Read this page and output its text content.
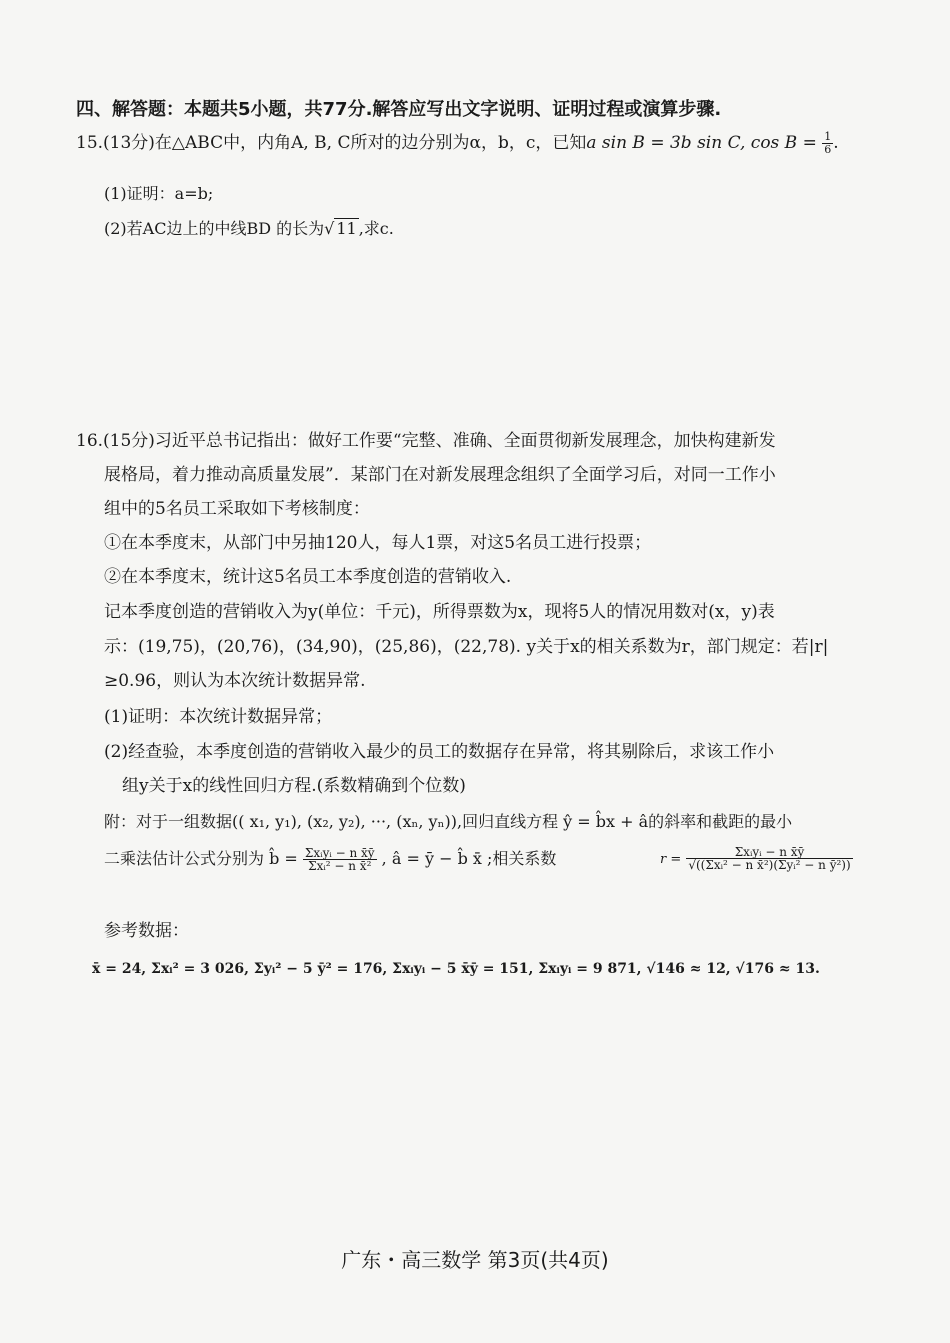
四、解答题：本题共5小题，共77分.解答应写出文字说明、证明过程或演算步骤.
15.(13分)在△ABC中，内角A, B, C所对的边分别为α，b，c，已知a sin B = 3b sin C, $\cos B = \frac{1}{6}$ .
(1)证明：a=b;
(2)若AC边上的中线BD 的长为√ 11 ,求c.
16.(15分)习近平总书记指出：做好工作要“完整、准确、全面贯彻新发展理念，加快构建新发
展格局，着力推动高质量发展”．某部门在对新发展理念组织了全面学习后，对同一工作小
组中的5名员工采取如下考核制度：
①在本季度末，从部门中另抽120人，每人1票，对这5名员工进行投票；
②在本季度末，统计这5名员工本季度创造的营销收入.
记本季度创造的营销收入为y(单位：千元)，所得票数为x，现将5人的情况用数对(x，y)表
示：(19,75)，(20,76)，(34,90)，(25,86)，(22,78). y关于x的相关系数为r，部门规定：若|r|
≥0.96，则认为本次统计数据异常.
(1)证明：本次统计数据异常；
(2)经查验，本季度创造的营销收入最少的员工的数据存在异常，将其剔除后，求该工作小
组y关于x的线性回归方程.(系数精确到个位数)
附：对于一组数据(( x₁, y₁), (x₂, y₂), ···, (xₙ, yₙ)),回归直线方程 ŷ = b̂x + â的斜率和截距的最小
二乘法估计公式分别为 b̂ = $\frac{\text{Σxᵢyᵢ − n x̄ȳ}}{\text{Σxᵢ² − n x̄²}}$ , â = ȳ − b̂ x̄ ;相关系数	$r = \frac{\text{Σxᵢyᵢ − n x̄ȳ}}{\text{√((Σxᵢ² − n x̄²)(Σyᵢ² − n ȳ²))}}$
参考数据：
x̄ = 24, Σxᵢ² = 3 026, Σyᵢ² − 5 ȳ² = 176, Σxᵢyᵢ − 5 x̄ȳ = 151, Σxᵢyᵢ = 9 871, √146 ≈ 12, √176 ≈ 13.
广东・高三数学 第3页(共4页)
